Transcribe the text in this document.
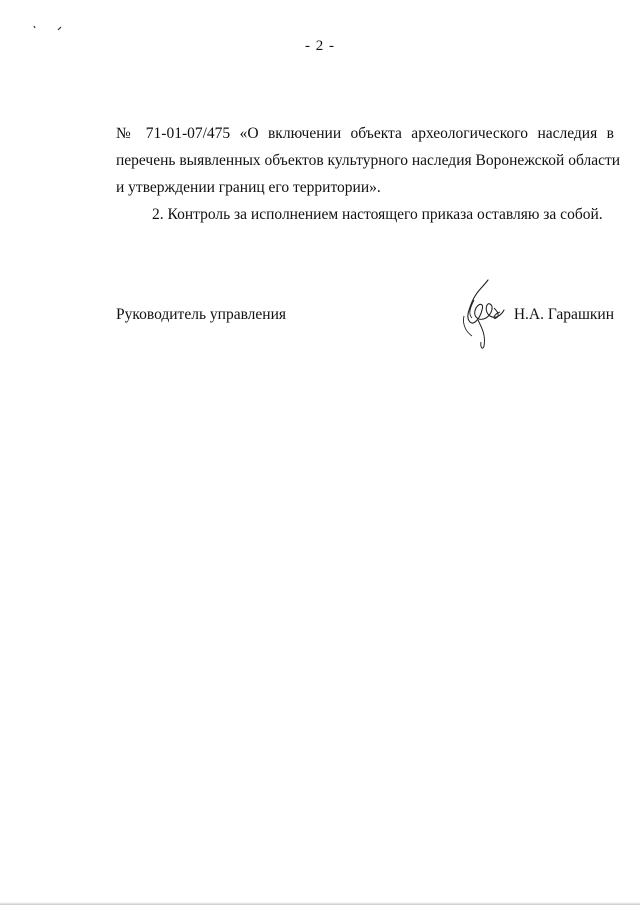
- 2 -
№ 71-01-07/475 «О включении объекта археологического наследия в
перечень выявленных объектов культурного наследия Воронежской области
и утверждении границ его территории».
2. Контроль за исполнением настоящего приказа оставляю за собой.
Руководитель управления	Н.А. Гарашкин
